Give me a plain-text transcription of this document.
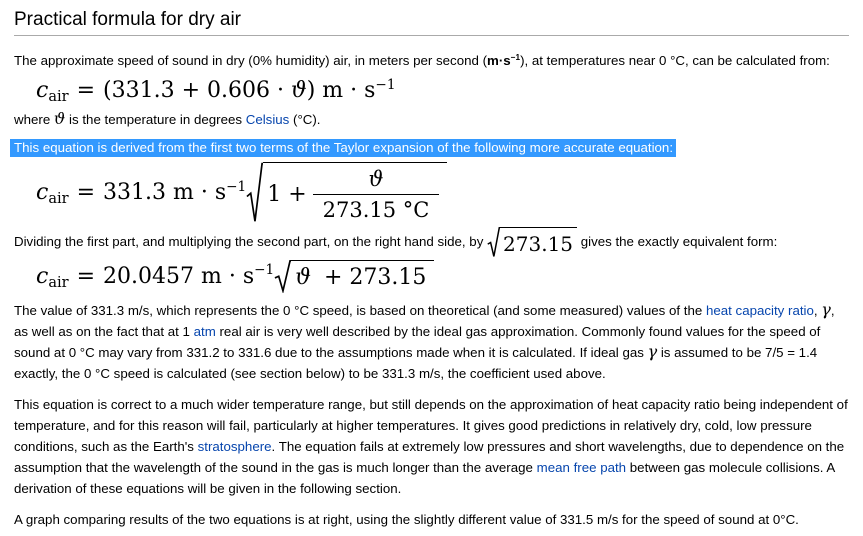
Practical formula for dry air

The approximate speed of sound in dry (0% humidity) air, in meters per second $(m\cdot s^{-1})$, at temperatures near 0 °C, can be calculated from:

$c_{air} = (331.3 + 0.606 \cdot ϑ) m \cdot s^{-1}$

where ϑ is the temperature in degrees Celsius (°C).

This equation is derived from the first two terms of the Taylor expansion of the following more accurate equation:

$c_{air} = 331.3$ $m \cdot s^{-1}$ $1 + \frac{ϑ}{273.15 ^\circ C}$

Dividing the first part, and multiplying the second part, on the right hand side, by 273.15 gives the exactly equivalent form:

$c_{air} = 20.0457$ $m \cdot s^{-1}$ ϑ + 273.15

The value of 331.3 m/s, which represents the 0 °C speed, is based on theoretical (and some measured) values of the heat capacity ratio, γ, as well as on the fact that at 1 atm real air is very well described by the ideal gas approximation. Commonly found values for the speed of sound at 0 °C may vary from 331.2 to 331.6 due to the assumptions made when it is calculated. If ideal gas γ is assumed to be 7/5 = 1.4 exactly, the 0 °C speed is calculated (see section below) to be 331.3 m/s, the coefficient used above.

This equation is correct to a much wider temperature range, but still depends on the approximation of heat capacity ratio being independent of temperature, and for this reason will fail, particularly at higher temperatures. It gives good predictions in relatively dry, cold, low pressure conditions, such as the Earth's stratosphere. The equation fails at extremely low pressures and short wavelengths, due to dependence on the assumption that the wavelength of the sound in the gas is much longer than the average mean free path between gas molecule collisions. A derivation of these equations will be given in the following section.

A graph comparing results of the two equations is at right, using the slightly different value of 331.5 m/s for the speed of sound at 0°C.
